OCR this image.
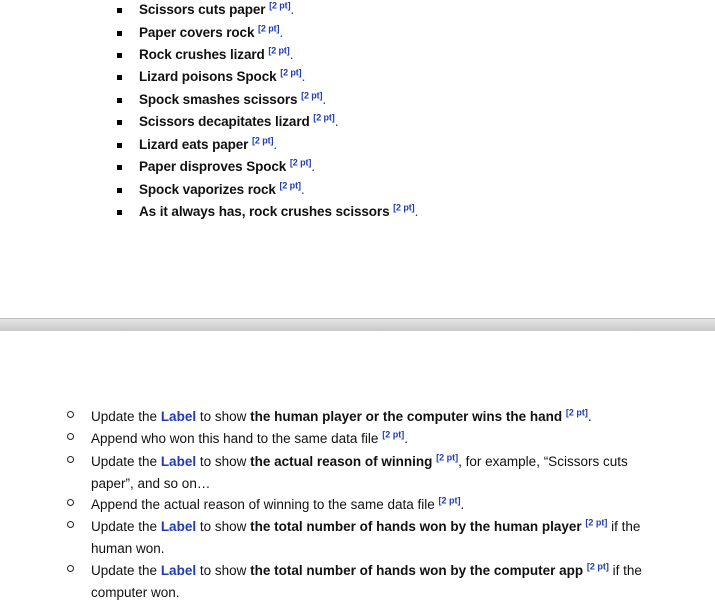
Scissors cuts paper [2 pt].
Paper covers rock [2 pt].
Rock crushes lizard [2 pt].
Lizard poisons Spock [2 pt].
Spock smashes scissors [2 pt].
Scissors decapitates lizard [2 pt].
Lizard eats paper [2 pt].
Paper disproves Spock [2 pt].
Spock vaporizes rock [2 pt].
As it always has, rock crushes scissors [2 pt].
Update the Label to show the human player or the computer wins the hand [2 pt].
Append who won this hand to the same data file [2 pt].
Update the Label to show the actual reason of winning [2 pt], for example, “Scissors cuts paper”, and so on…
Append the actual reason of winning to the same data file [2 pt].
Update the Label to show the total number of hands won by the human player [2 pt] if the human won.
Update the Label to show the total number of hands won by the computer app [2 pt] if the computer won.
